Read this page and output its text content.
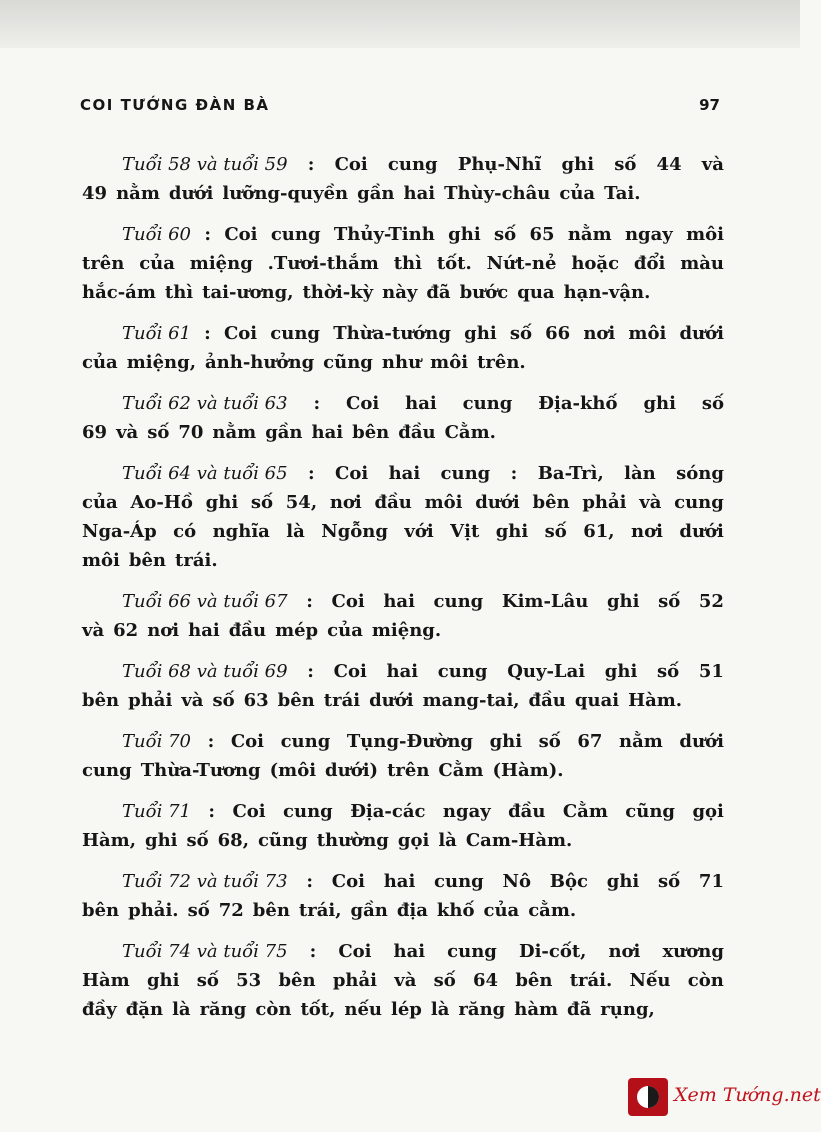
COI TƯỚNG ĐÀN BÀ	97
Tuổi 58 và tuổi 59 : Coi cung Phụ-Nhĩ ghi số 44 và
49 nằm dưới lưỡng-quyền gần hai Thùy-châu của Tai.
Tuổi 60 : Coi cung Thủy-Tinh ghi số 65 nằm ngay môi
trên của miệng .Tươi-thắm thì tốt. Nứt-nẻ hoặc đổi màu
hắc-ám thì tai-ương, thời-kỳ này đã bước qua hạn-vận.
Tuổi 61 : Coi cung Thừa-tướng ghi số 66 nơi môi dưới
của miệng, ảnh-hưởng cũng như môi trên.
Tuổi 62 và tuổi 63 : Coi hai cung Địa-khố ghi số
69 và số 70 nằm gần hai bên đầu Cằm.
Tuổi 64 và tuổi 65 : Coi hai cung : Ba-Trì, làn sóng
của Ao-Hồ ghi số 54, nơi đầu môi dưới bên phải và cung
Nga-Áp có nghĩa là Ngỗng với Vịt ghi số 61, nơi dưới
môi bên trái.
Tuổi 66 và tuổi 67 : Coi hai cung Kim-Lâu ghi số 52
và 62 nơi hai đầu mép của miệng.
Tuổi 68 và tuổi 69 : Coi hai cung Quy-Lai ghi số 51
bên phải và số 63 bên trái dưới mang-tai, đầu quai Hàm.
Tuổi 70 : Coi cung Tụng-Đường ghi số 67 nằm dưới
cung Thừa-Tương (môi dưới) trên Cằm (Hàm).
Tuổi 71 : Coi cung Địa-các ngay đầu Cằm cũng gọi
Hàm, ghi số 68, cũng thường gọi là Cam-Hàm.
Tuổi 72 và tuổi 73 : Coi hai cung Nô Bộc ghi số 71
bên phải. số 72 bên trái, gần địa khố của cằm.
Tuổi 74 và tuổi 75 : Coi hai cung Di-cốt, nơi xương
Hàm ghi số 53 bên phải và số 64 bên trái. Nếu còn
đầy đặn là răng còn tốt, nếu lép là răng hàm đã rụng,
Xem Tướng.net
